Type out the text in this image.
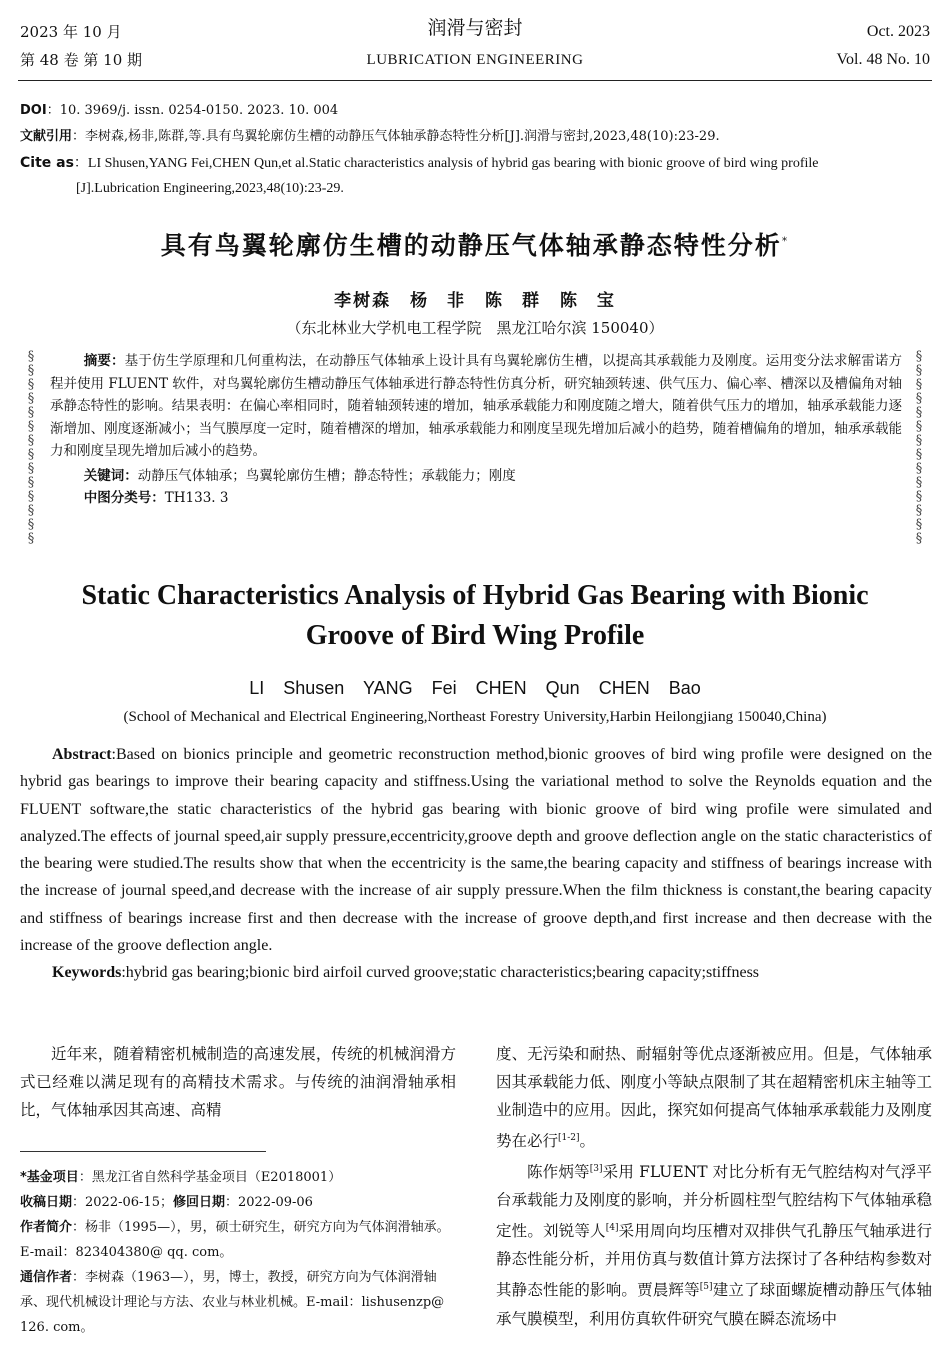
2023 年 10 月
第 48 卷 第 10 期
润滑与密封
LUBRICATION ENGINEERING
Oct. 2023
Vol. 48 No. 10
DOI：10. 3969/j. issn. 0254-0150. 2023. 10. 004
文献引用：李树森,杨非,陈群,等.具有鸟翼轮廓仿生槽的动静压气体轴承静态特性分析[J].润滑与密封,2023,48(10):23-29.
Cite as：LI Shusen,YANG Fei,CHEN Qun,et al.Static characteristics analysis of hybrid gas bearing with bionic groove of bird wing profile
[J].Lubrication Engineering,2023,48(10):23-29.
具有鸟翼轮廓仿生槽的动静压气体轴承静态特性分析*
李树森　杨 非　陈 群　陈 宝
（东北林业大学机电工程学院　黑龙江哈尔滨 150040）
§
§
§
§
§
§
§
§
§
§
§
§
§
§
§
§
§
§
§
§
§
§
§
§
§
§
§
§
摘要：基于仿生学原理和几何重构法，在动静压气体轴承上设计具有鸟翼轮廓仿生槽，以提高其承载能力及刚度。运用变分法求解雷诺方程并使用 FLUENT 软件，对鸟翼轮廓仿生槽动静压气体轴承进行静态特性仿真分析，研究轴颈转速、供气压力、偏心率、槽深以及槽偏角对轴承静态特性的影响。结果表明：在偏心率相同时，随着轴颈转速的增加，轴承承载能力和刚度随之增大，随着供气压力的增加，轴承承载能力逐渐增加、刚度逐渐减小；当气膜厚度一定时，随着槽深的增加，轴承承载能力和刚度呈现先增加后减小的趋势，随着槽偏角的增加，轴承承载能力和刚度呈现先增加后减小的趋势。
关键词：动静压气体轴承；鸟翼轮廓仿生槽；静态特性；承载能力；刚度
中图分类号：TH133. 3
Static Characteristics Analysis of Hybrid Gas Bearing with Bionic
Groove of Bird Wing Profile
LI Shusen YANG Fei CHEN Qun CHEN Bao
(School of Mechanical and Electrical Engineering,Northeast Forestry University,Harbin Heilongjiang 150040,China)
Abstract:Based on bionics principle and geometric reconstruction method,bionic grooves of bird wing profile were designed on the hybrid gas bearings to improve their bearing capacity and stiffness.Using the variational method to solve the Reynolds equation and the FLUENT software,the static characteristics of the hybrid gas bearing with bionic groove of bird wing profile were simulated and analyzed.The effects of journal speed,air supply pressure,eccentricity,groove depth and groove deflection angle on the static characteristics of the bearing were studied.The results show that when the eccentricity is the same,the bearing capacity and stiffness of bearings increase with the increase of journal speed,and decrease with the increase of air supply pressure.When the film thickness is constant,the bearing capacity and stiffness of bearings increase first and then decrease with the increase of groove depth,and first increase and then decrease with the increase of the groove deflection angle.
Keywords:hybrid gas bearing;bionic bird airfoil curved groove;static characteristics;bearing capacity;stiffness

近年来，随着精密机械制造的高速发展，传统的机械润滑方式已经难以满足现有的高精技术需求。与传统的油润滑轴承相比，气体轴承因其高速、高精

度、无污染和耐热、耐辐射等优点逐渐被应用。但是，气体轴承因其承载能力低、刚度小等缺点限制了其在超精密机床主轴等工业制造中的应用。因此，探究如何提高气体轴承承载能力及刚度势在必行[1-2]。

陈作炳等[3]采用 FLUENT 对比分析有无气腔结构对气浮平台承载能力及刚度的影响，并分析圆柱型气腔结构下气体轴承稳定性。刘锐等人[4]采用周向均压槽对双排供气孔静压气轴承进行静态性能分析，并用仿真与数值计算方法探讨了各种结构参数对其静态性能的影响。贾晨辉等[5]建立了球面螺旋槽动静压气体轴承气膜模型，利用仿真软件研究气膜在瞬态流场中

*基金项目：黑龙江省自然科学基金项目（E2018001）
收稿日期：2022-06-15；修回日期：2022-09-06
作者简介：杨非（1995—），男，硕士研究生，研究方向为气体润滑轴承。E-mail：823404380@ qq. com。
通信作者：李树森（1963—），男，博士，教授，研究方向为气体润滑轴承、现代机械设计理论与方法、农业与林业机械。E-mail：lishusenzp@ 126. com。
